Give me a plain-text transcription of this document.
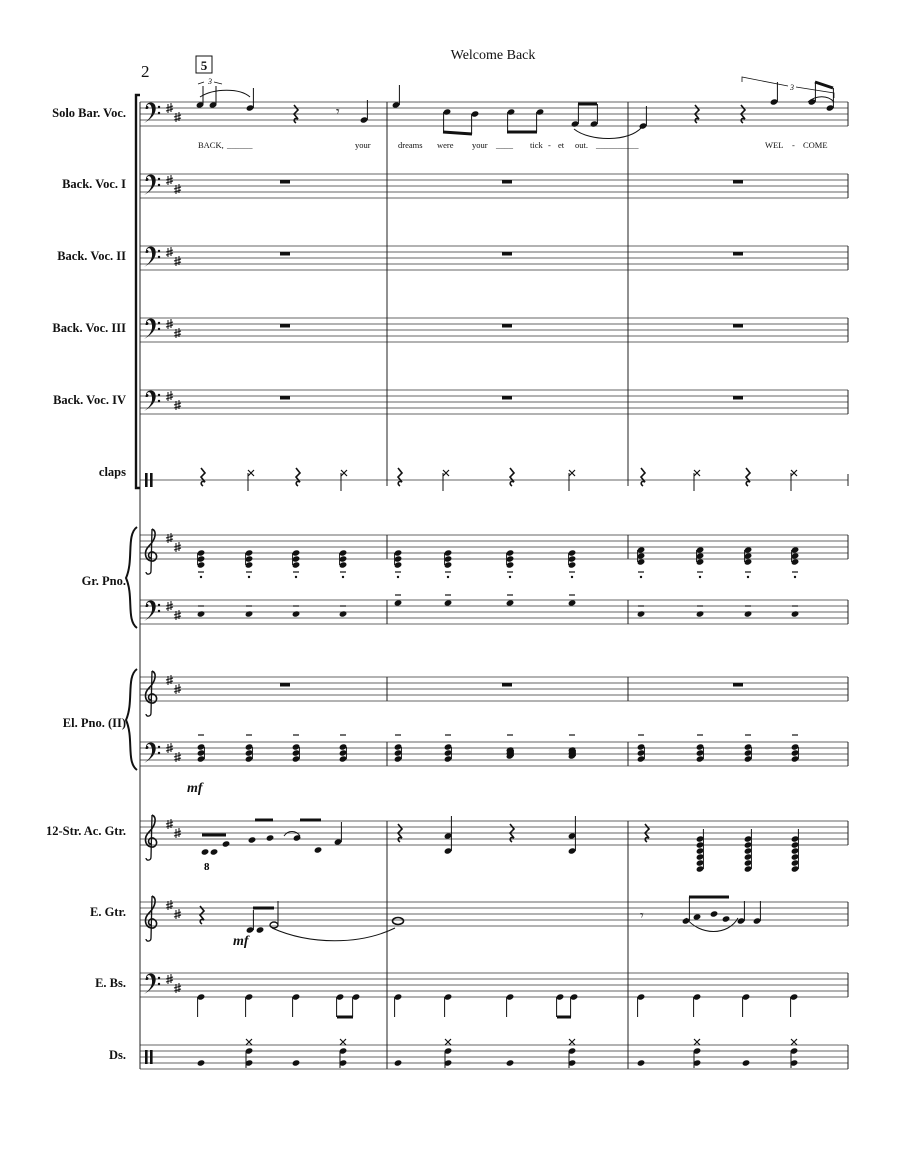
2
Welcome Back
5
3
3
Solo Bar. Voc.
Back. Voc. I
Back. Voc. II
Back. Voc. III
Back. Voc. IV
claps
Gr. Pno.
El. Pno. (II)
12-Str. Ac. Gtr.
E. Gtr.
E. Bs.
Ds.
𝄾
8
𝄾
BACK, ______	your	dreams were your ____ tick - et out. __________	WEL - COME
mf
mf
